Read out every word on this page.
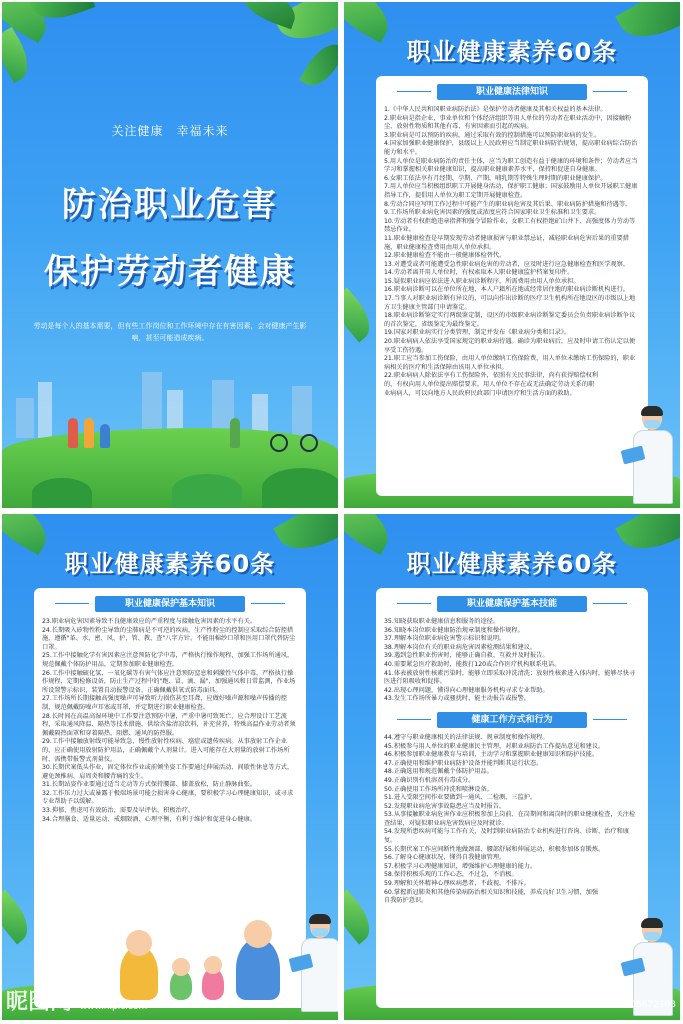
关注健康　幸福未来
防治职业危害
保护劳动者健康
劳动是每个人的基本需要，但有些工作岗位和工作环境中存在有害因素，会对健康产生影响，甚至可能造成疾病。
职业健康素养60条
职业健康法律知识
1.《中华人民共和国职业病防治法》是保护劳动者健康及其相关权益的基本法律。
2.职业病是指企业、事业单位和个体经济组织等用人单位的劳动者在职业活动中，因接触粉尘、放射性物质和其他有毒、有害因素而引起的疾病。
3.职业病是可以预防的疾病，通过采取有效的控制措施可以预防职业病的发生。
4.国家加强职业健康保护，县级以上人民政府应当制定职业病防治规划，提高职业病综合防治能力和水平。
5.用人单位是职业病防治的责任主体，应当为职工创造有益于健康的环境和条件；劳动者应当学习和掌握相关职业健康知识，提高职业健康素养水平，保持和促进自身健康。
6.女职工依法享有月经期、孕期、产期、哺乳期等特殊生理时期的职业健康保护。
7.用人单位应当积极组织职工开展健身活动，保护职工健康；国家鼓励用人单位开展职工健康指导工作，提倡用人单位为职工定期开展健康检查。
8.劳动合同应写明工作过程中可能产生的职业病危害及其后果、职业病防护措施和待遇等。
9.工作场所职业病危害因素的强度或浓度应符合国家职业卫生标准和卫生要求。
10.劳动者有权拒绝违章指挥和强令冒险作业，女职工有权拒绝矿山井下、高强度体力劳动等禁忌作业。
11.职业健康检查是早期发现劳动者健康损害与职业禁忌证，减轻职业病危害后果的重要措施，职业健康检查费用由用人单位承担。
12.职业健康检查不能由一般健康体检替代。
13.对遭受或者可能遭受急性职业病危害的劳动者，应及时进行应急健康检查和医学观察。
14.劳动者离开用人单位时，有权索取本人职业健康监护档案复印件。
15.疑似职业病应依法进入职业病诊断程序，所需费用由用人单位承担。
16.职业病诊断可以在单位所在地、本人户籍所在地或经常居住地的职业病诊断机构进行。
17.当事人对职业病诊断有异议的，可以向作出诊断的医疗卫生机构所在地设区的市级以上地方卫生健康主管部门申请鉴定。
18.职业病诊断鉴定实行两级鉴定制，设区的市级职业病诊断鉴定委员会负责职业病诊断争议的首次鉴定，省级鉴定为最终鉴定。
19.国家对职业病实行分类管理，制定并发布《职业病分类和目录》。
20.职业病病人依法享受国家规定的职业病待遇。确诊为职业病后，应及时申请工伤认定以便享受工伤待遇。
21.职工应当参加工伤保险，由用人单位缴纳工伤保险费，用人单位未缴纳工伤保险的，职业病相关的医疗和生活保障由该用人单位承担。
22.职业病病人除依法享有工伤保险外，依照有关民事法律，尚有获得赔偿权利的，有权向用人单位提出赔偿要求。用人单位不存在或无法确定劳动关系的职业病病人，可以向地方人民政府民政部门申请医疗和生活方面的救助。
职业健康素养60条
职业健康保护基本知识
23.职业病危害因素导致不良健康效应的严重程度与接触危害因素的水平有关。
24.长期吸入矽物性粉尘导致的尘肺病是不可逆的疾病，生产性粉尘的控制应采取综合防控措施，遵循"革、水、密、风、护、管、教、查"八字方针。不能用棉纱口罩和医用口罩代替防尘口罩。
25.工作中接触化学有害因素应注意预防化学中毒，严格执行操作规程，加强工作场所通风，规范佩戴个体防护用品，定期参加职业健康检查。
26.工作中接触硫化氢、一氧化碳等有害气体应注意预防窒息和刺激性气体中毒，严格执行操作规程，定期检修设备，防止生产过程中的"跑、冒、滴、漏"，加强通风和日常监测，作业场所设置警示标识，装置自动报警设备，正确佩戴供氧式防毒面具。
27.工作场所长期接触高强度噪声可导致听力损伤甚至耳聋，应做好噪声源和噪声传播的控制，规范佩戴防噪声耳塞或耳罩，并定期进行职业健康检查。
28.长时间在高温高湿环境中工作要注意预防中暑，严重中暑可致死亡，应合理设计工艺流程，采取通风降温、隔热等技术措施，供给含盐清凉饮料，补充营养，特殊高温作业劳动者须佩戴隔热面罩和穿着隔热、阻燃、通风的防热服。
29.工作中接触放射线可能导致急、慢性放射性疾病、癌症或遗传疾病。从事放射工作企业的，应正确使用放射防护用品，正确佩戴个人剂量计。进入可能存在大剂量的放射工作场所时，需携带报警式剂量仪。
30.长期伏案低头作业，固定体位作业或前倾坐姿工作要通过伸展活动、间歇性休息等方式，避免颈椎病、肩周炎和腰背痛的发生。
31.长期站姿作业要通过适当走动等方式保持腰部、膝盖放松，防止静脉曲张。
32.工作压力过大或暴露于极端场景可能会损害身心健康，要积极学习心理健康知识，或寻求专业帮助予以缓解。
33.抑郁、焦虑可有效防治，需要及早评估，积极治疗。
34.合理膳食、适量运动、戒烟限酒、心理平衡，有利于维护和促进身心健康。
昵图网 www.nipic.com
职业健康素养60条
职业健康保护基本技能
35.知晓获取职业健康信息和服务的途径。
36.知晓本岗位职业健康防治规章制度和操作规程。
37.理解本岗位职业病危害警示标识和说明。
38.理解本岗位有关的职业病危害因素检测结果和建议。
39.遇到急性职业伤害时，能够正确自救、互救并及时报告。
40.需要紧急医疗救助时，能拨打120或合作医疗机构联系电话。
41.体表被放射性核素污染时，能够立即采取冲洗清洗；放射性核素进入体内时，能够尽快寻医进行阻吸收和促排。
42.出现心理问题，懂得向心理健康服务机构寻求专业帮助。
43.发生工作场所暴力或骚扰时，能主动报告或报警。
健康工作方式和行为
44.遵守与职业健康相关的法律法规、规章制度和操作规程。
45.积极参与用人单位的职业健康民主管理，对职业病防治工作提出意见和建议。
46.积极参加职业健康教育与培训，主动学习和掌握职业健康知识和防护技能。
47.正确使用和维护职业病防护设备并能判断其运行状态。
48.正确选用和规范佩戴个体防护用品。
49.正确识别有机溶剂有毒成分。
50.正确使用工作场所冲洗和喷淋设备。
51.进入受限空间作业要做到一通风、二检测、三监护。
52.发现职业病危害事故隐患应当及时报告。
53.从事接触职业病危害作业应积极参加上岗前、在岗期间和离岗时的职业健康检查，关注检查结果，对疑似职业病危害致病应及时就诊。
54.发现所患疾病可能与工作有关，及时到职业病防治专业机构进行咨询、诊断、治疗和康复。
55.长期伏案工作应间断性地做颈部、腰部舒展和伸展运动，积极参加体育锻炼。
56.了解身心健康状况，懂得自我健康管理。
57.积极学习心理健康知识，增强维护心理健康的能力。
58.保持积极乐观的工作心态，不过急，不消极。
59.理解和关怀精神心理疾病患者，不歧视，不排斥。
60.掌握新冠肺炎和其他传染病防治相关知识和技能，养成良好卫生习惯，加强自我防护意识。
ID:24095863 NO:20220405205506672103
